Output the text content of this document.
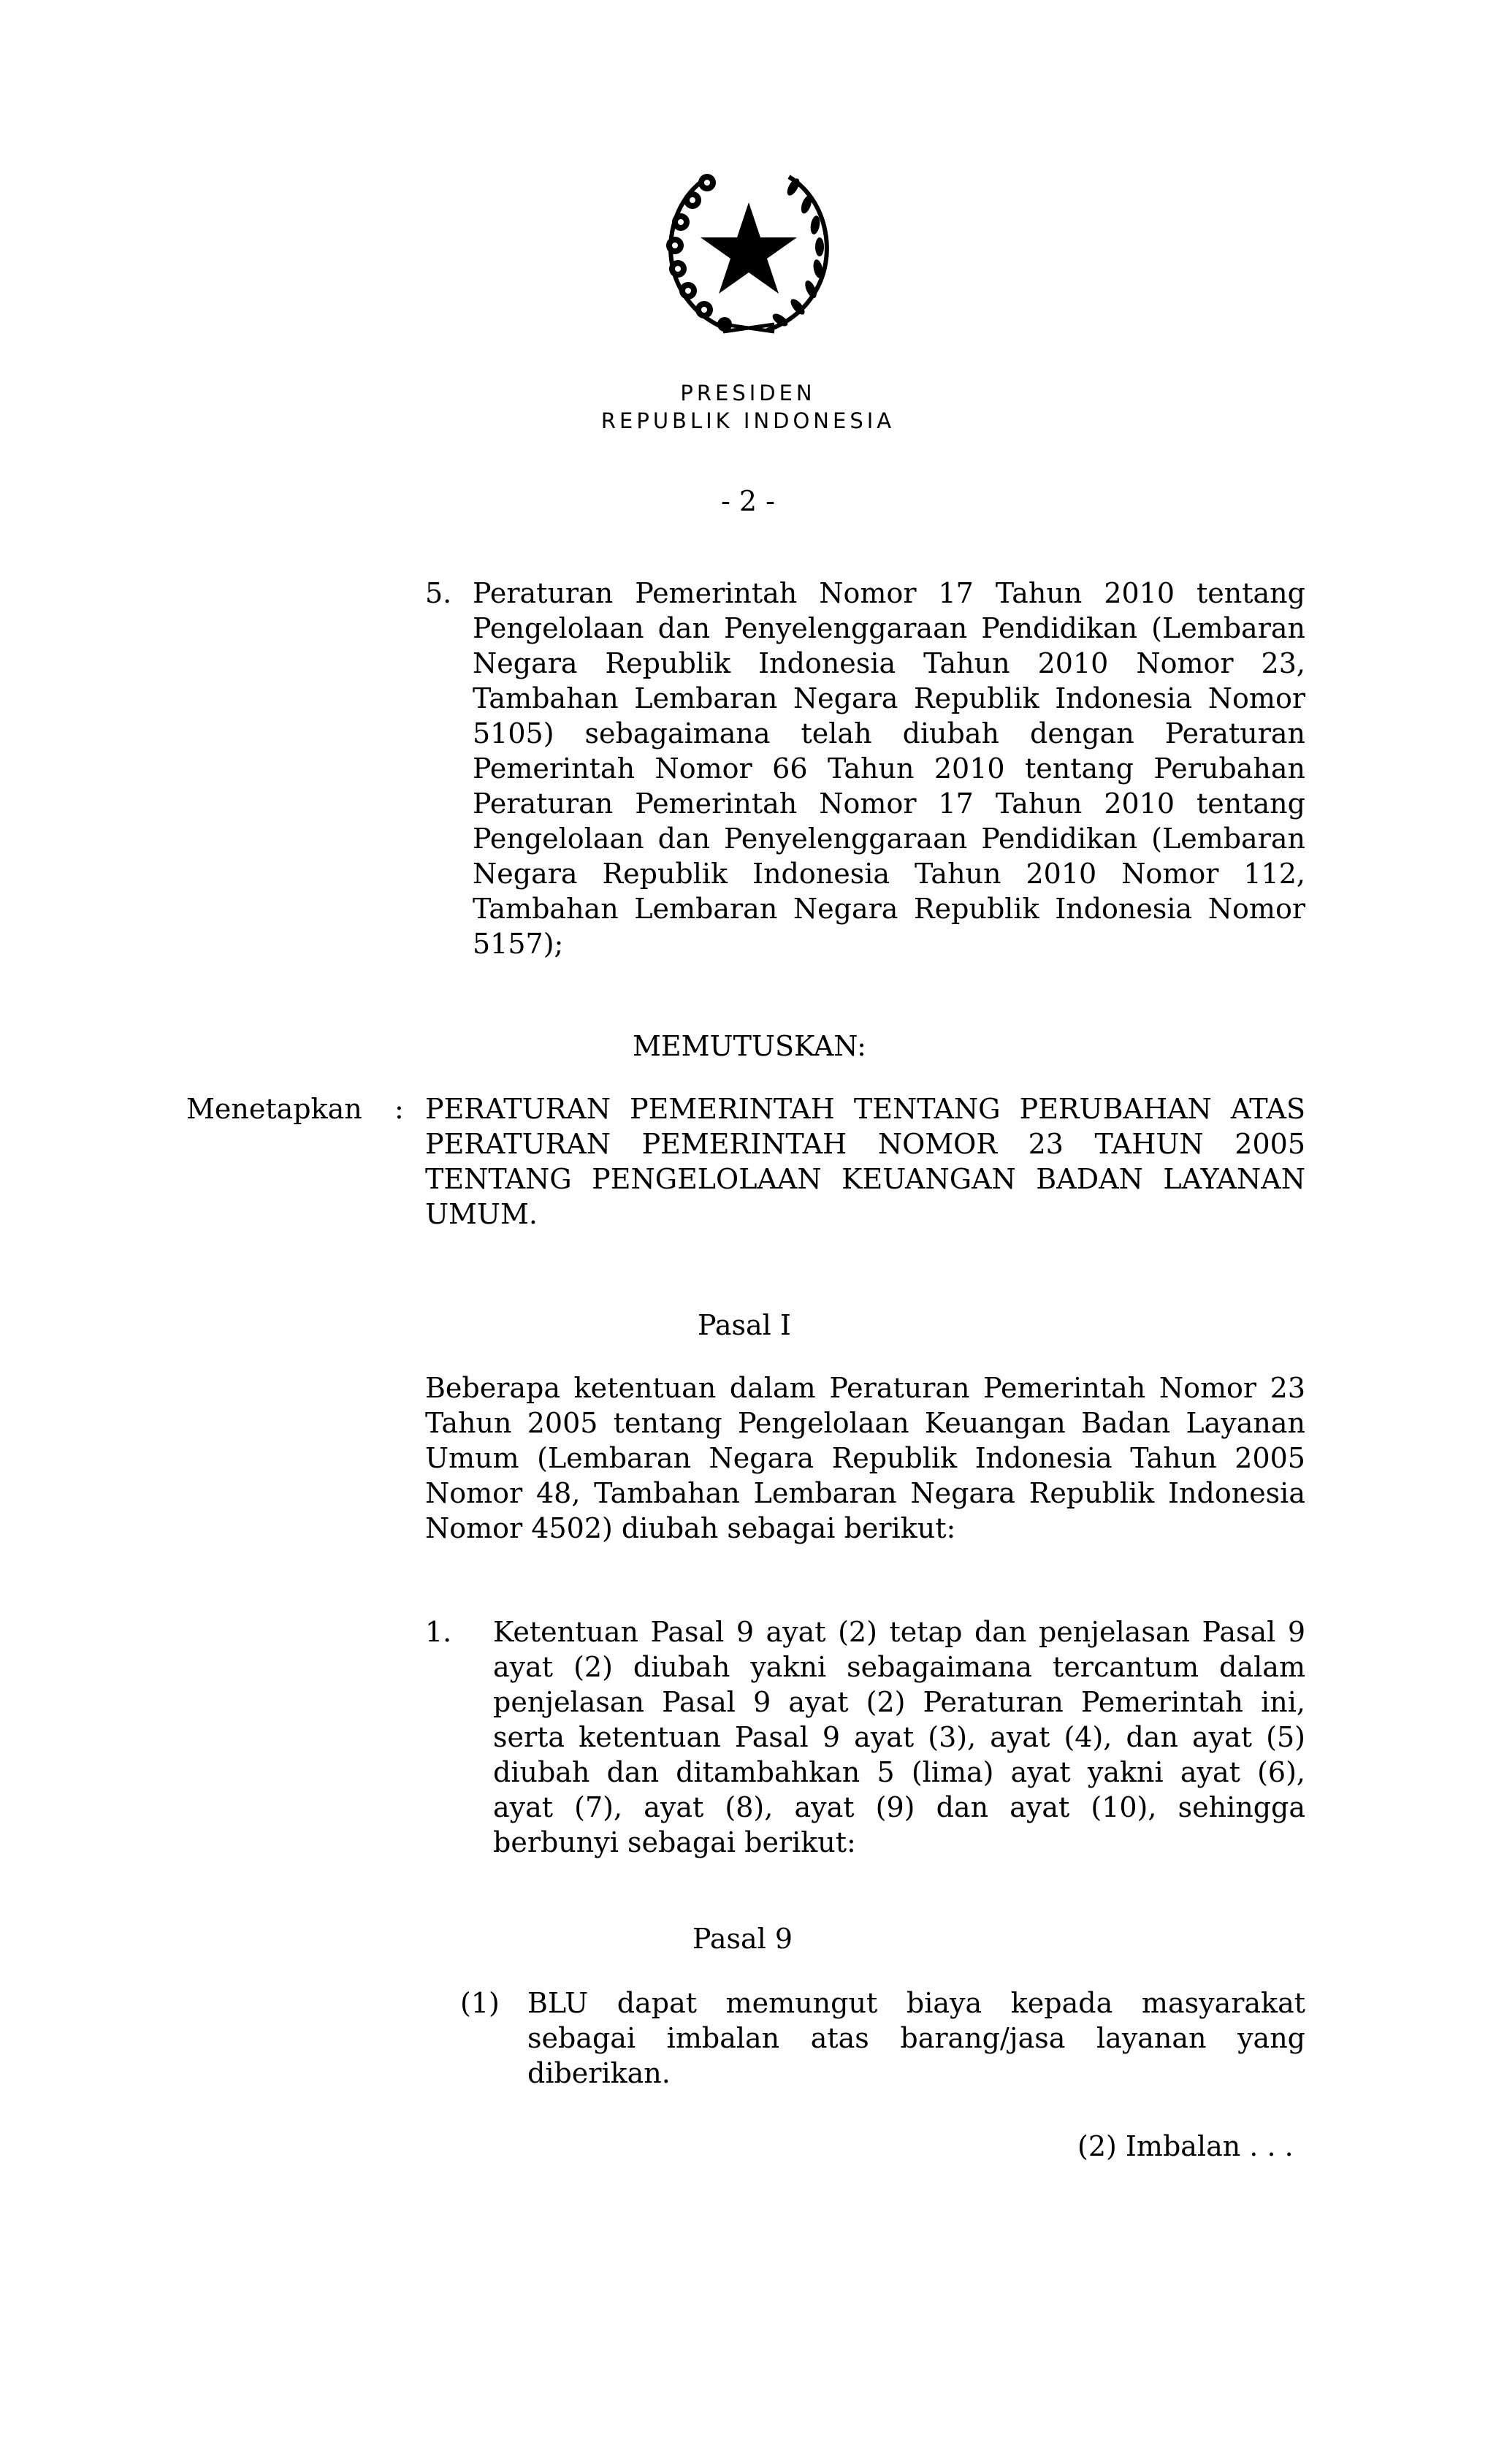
PRESIDEN
REPUBLIK INDONESIA
- 2 -
5. Peraturan Pemerintah Nomor 17 Tahun 2010 tentang
Pengelolaan dan Penyelenggaraan Pendidikan (Lembaran
Negara Republik Indonesia Tahun 2010 Nomor 23,
Tambahan Lembaran Negara Republik Indonesia Nomor
5105) sebagaimana telah diubah dengan Peraturan
Pemerintah Nomor 66 Tahun 2010 tentang Perubahan
Peraturan Pemerintah Nomor 17 Tahun 2010 tentang
Pengelolaan dan Penyelenggaraan Pendidikan (Lembaran
Negara Republik Indonesia Tahun 2010 Nomor 112,
Tambahan Lembaran Negara Republik Indonesia Nomor
5157);
MEMUTUSKAN:
Menetapkan : PERATURAN PEMERINTAH TENTANG PERUBAHAN ATAS
PERATURAN PEMERINTAH NOMOR 23 TAHUN 2005
TENTANG PENGELOLAAN KEUANGAN BADAN LAYANAN
UMUM.
Pasal I
Beberapa ketentuan dalam Peraturan Pemerintah Nomor 23
Tahun 2005 tentang Pengelolaan Keuangan Badan Layanan
Umum (Lembaran Negara Republik Indonesia Tahun 2005
Nomor 48, Tambahan Lembaran Negara Republik Indonesia
Nomor 4502) diubah sebagai berikut:
1. Ketentuan Pasal 9 ayat (2) tetap dan penjelasan Pasal 9
ayat (2) diubah yakni sebagaimana tercantum dalam
penjelasan Pasal 9 ayat (2) Peraturan Pemerintah ini,
serta ketentuan Pasal 9 ayat (3), ayat (4), dan ayat (5)
diubah dan ditambahkan 5 (lima) ayat yakni ayat (6),
ayat (7), ayat (8), ayat (9) dan ayat (10), sehingga
berbunyi sebagai berikut:
Pasal 9
(1) BLU dapat memungut biaya kepada masyarakat
sebagai imbalan atas barang/jasa layanan yang
diberikan.
(2) Imbalan . . .
